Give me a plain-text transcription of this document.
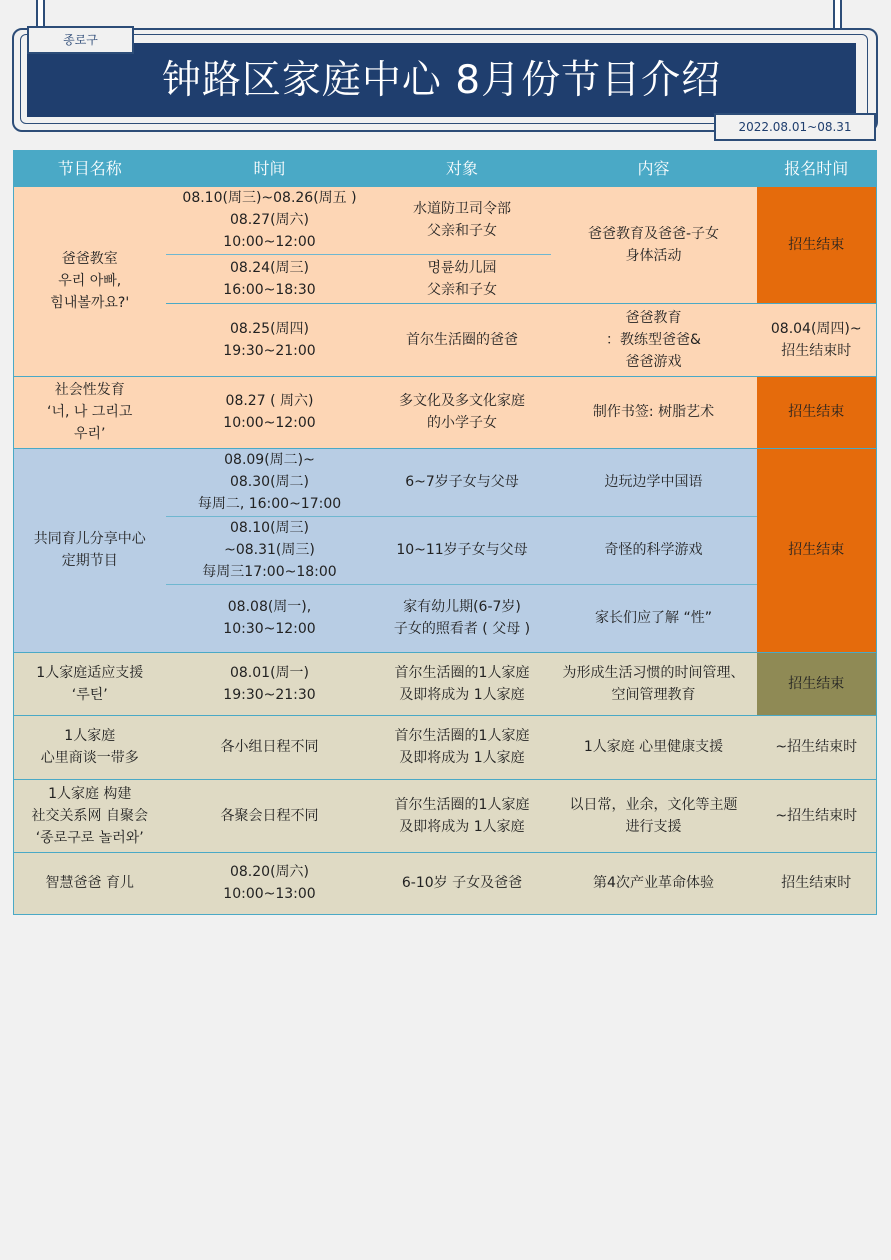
钟路区家庭中心 8月份节目介绍
종로구
2022.08.01~08.31
节目名称	时间	对象	内容	报名时间

爸爸教室
우리 아빠,
힘내볼까요?'	08.10(周三)~08.26(周五 )
08.27(周六)
10:00~12:00	水道防卫司令部
父亲和子女	爸爸教育及爸爸-子女
身体活动	招生结束

	08.24(周三)
16:00~18:30	명륜幼儿园
父亲和子女		

	08.25(周四)
19:30~21:00	首尔生活圈的爸爸	爸爸教育
：教练型爸爸&
爸爸游戏	08.04(周四)~
招生结束时

社会性发育
‘너, 나 그리고
우리’	08.27 ( 周六)
10:00~12:00	多文化及多文化家庭
的小学子女	制作书签: 树脂艺术	招生结束

共同育儿分享中心
定期节目	08.09(周二)~
08.30(周二)
每周二, 16:00~17:00	6~7岁子女与父母	边玩边学中国语	招生结束

	08.10(周三)
~08.31(周三)
每周三17:00~18:00	10~11岁子女与父母	奇怪的科学游戏	

	08.08(周一),
10:30~12:00	家有幼儿期(6-7岁)
子女的照看者 ( 父母 )	家长们应了解 “性”	

1人家庭适应支援
‘루틴’	08.01(周一)
19:30~21:30	首尔生活圈的1人家庭
及即将成为 1人家庭	为形成生活习惯的时间管理、
空间管理教育	招生结束

1人家庭
心里商谈一带多	各小组日程不同	首尔生活圈的1人家庭
及即将成为 1人家庭	1人家庭 心里健康支援	~招生结束时

1人家庭 构建
社交关系网 自聚会
‘종로구로 놀러와’	各聚会日程不同	首尔生活圈的1人家庭
及即将成为 1人家庭	以日常，业余，文化等主题
进行支援	~招生结束时
智慧爸爸 育儿	08.20(周六)
10:00~13:00	6-10岁 子女及爸爸	第4次产业革命体验	招生结束时
